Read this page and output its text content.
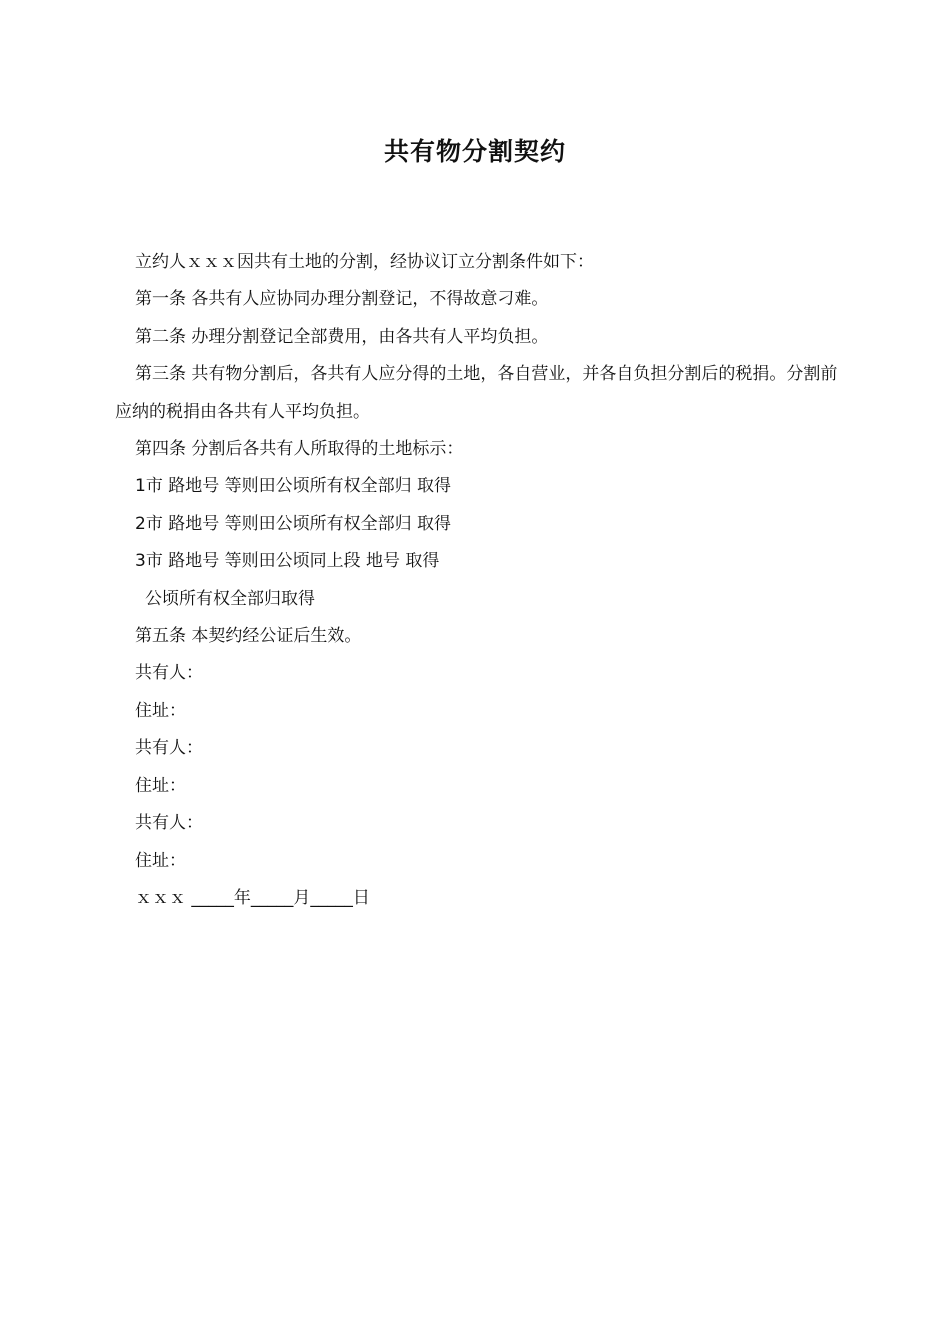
共有物分割契约

立约人ｘｘｘ因共有土地的分割，经协议订立分割条件如下：

第一条 各共有人应协同办理分割登记，不得故意刁难。

第二条 办理分割登记全部费用，由各共有人平均负担。

第三条 共有物分割后，各共有人应分得的土地，各自营业，并各自负担分割后的税捐。分割前应纳的税捐由各共有人平均负担。

第四条 分割后各共有人所取得的土地标示：

1市 路地号 等则田公顷所有权全部归 取得

2市 路地号 等则田公顷所有权全部归 取得

3市 路地号 等则田公顷同上段 地号 取得

公顷所有权全部归取得

第五条 本契约经公证后生效。

共有人：

住址：

共有人：

住址：

共有人：

住址：

ｘｘｘ _____年_____月_____日
